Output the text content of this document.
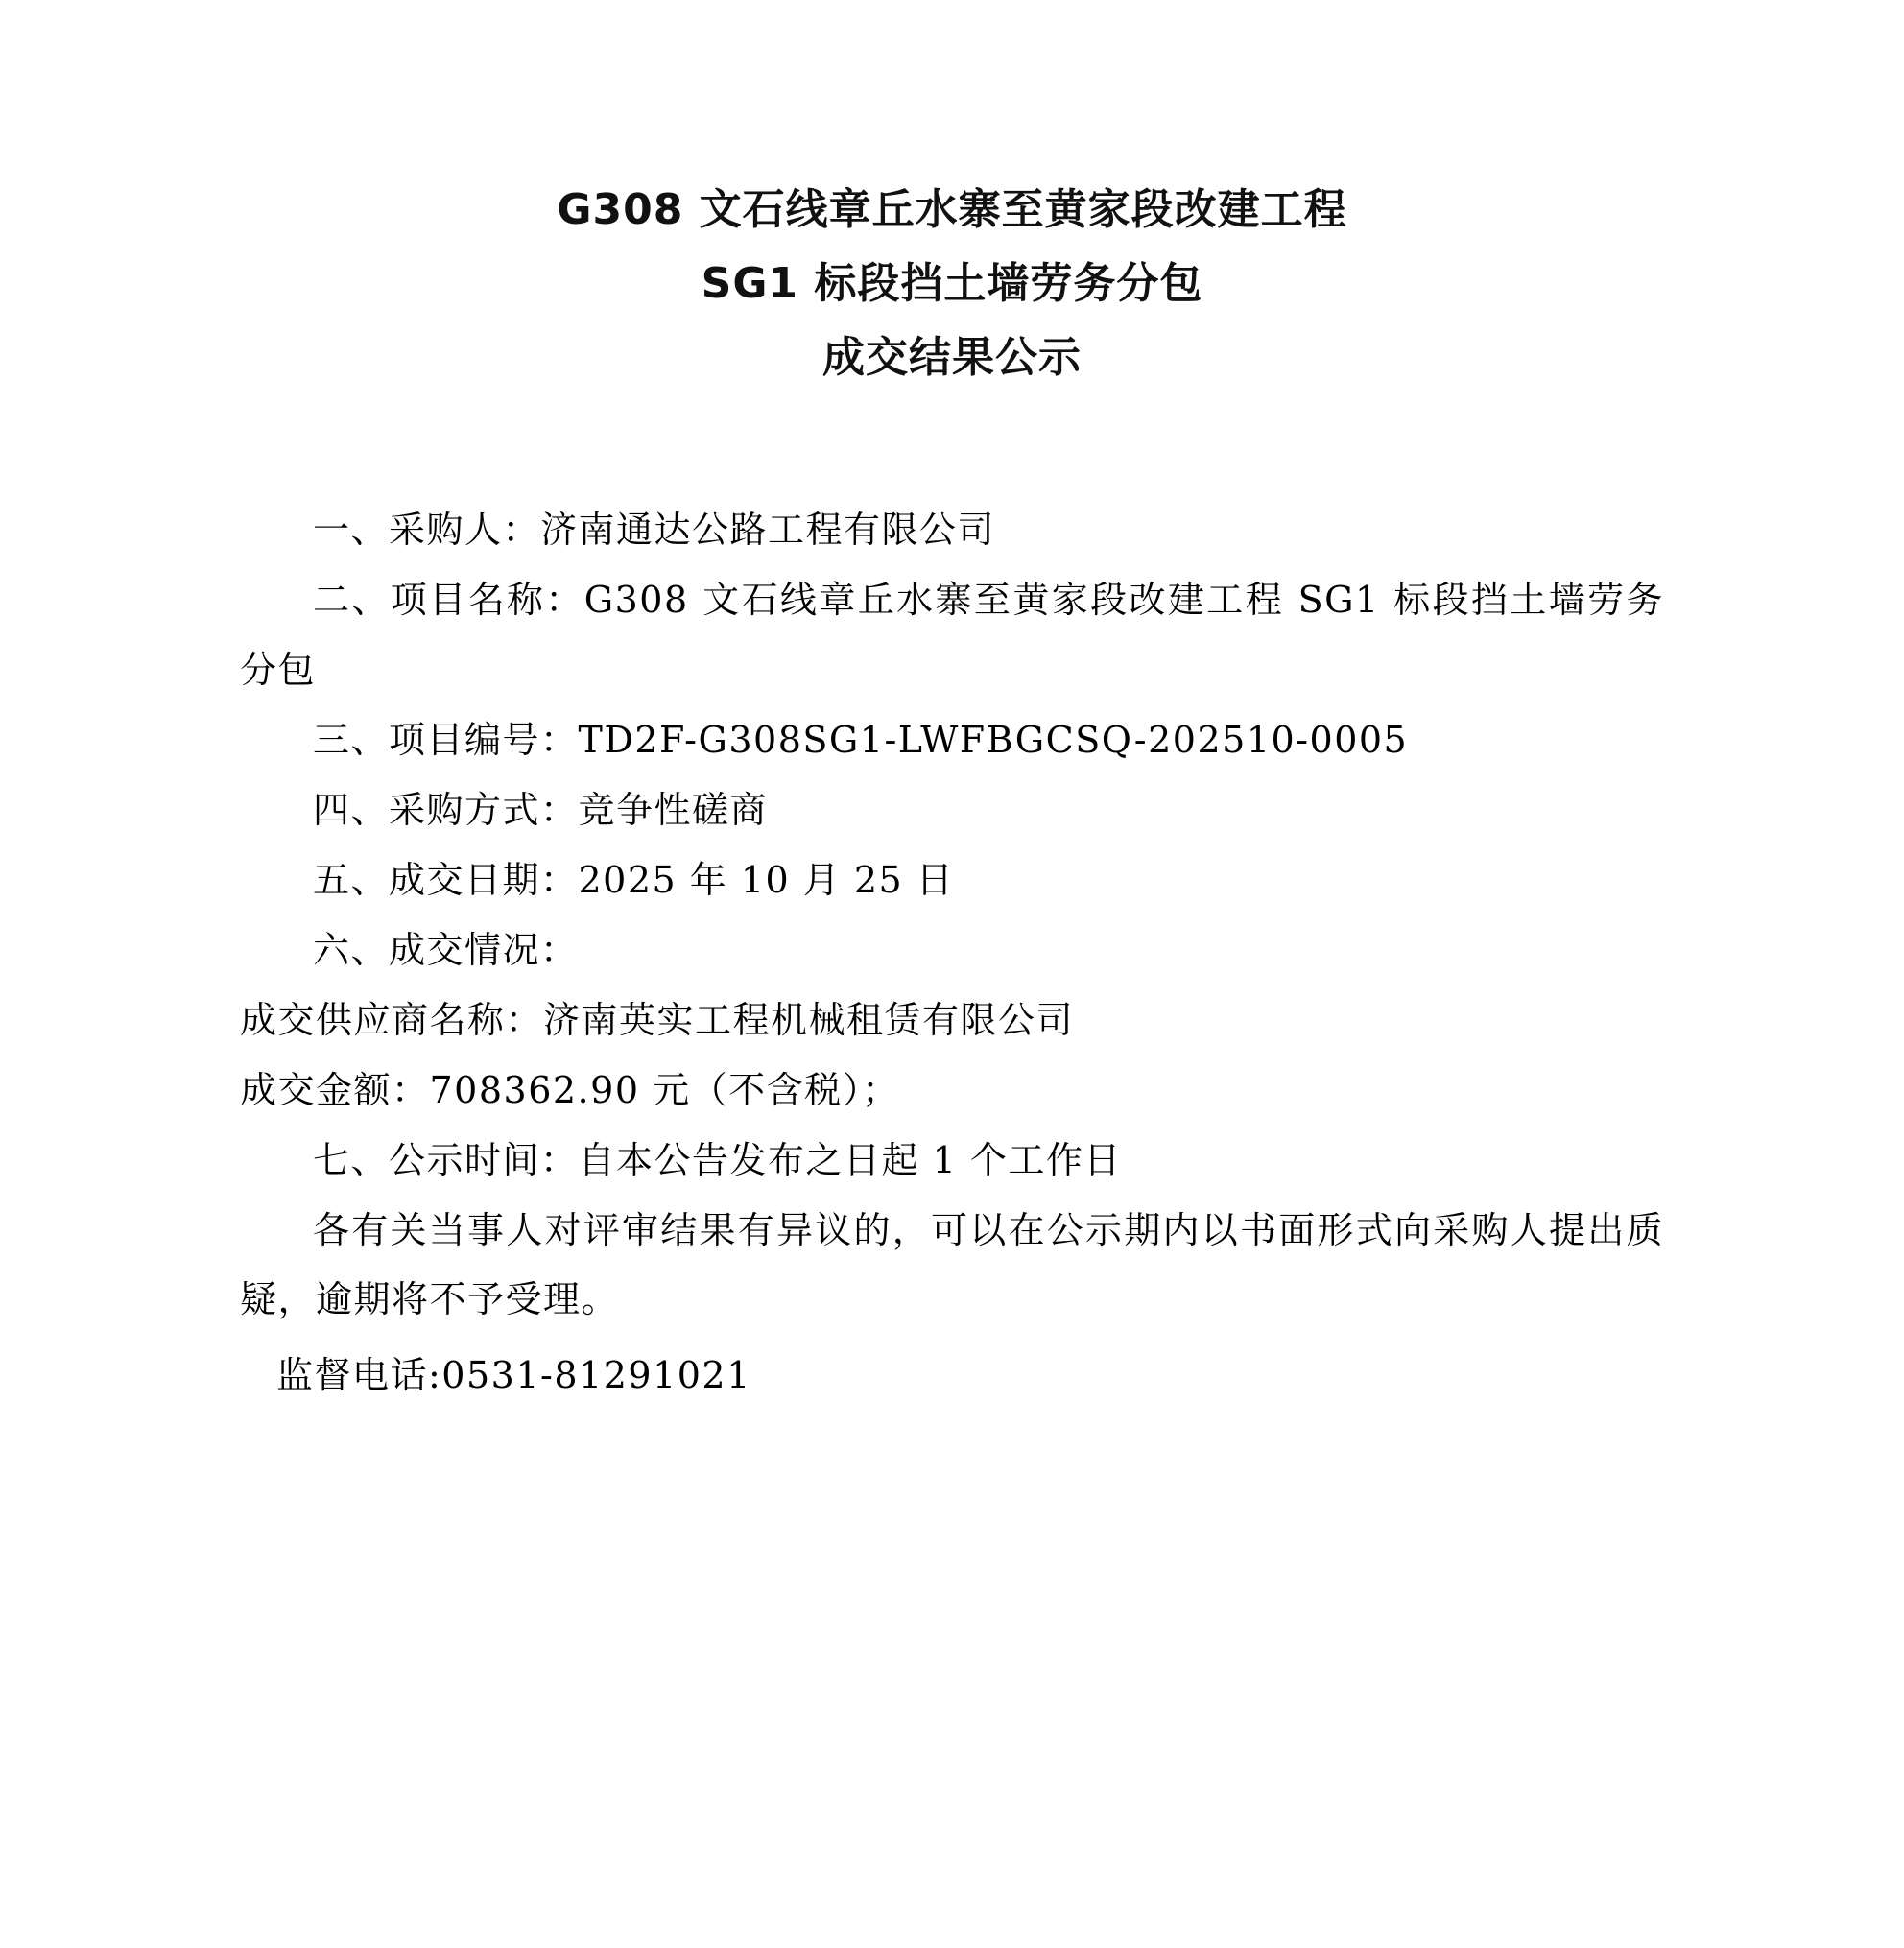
G308 文石线章丘水寨至黄家段改建工程
SG1 标段挡土墙劳务分包
成交结果公示

一、采购人：济南通达公路工程有限公司

二、项目名称：G308 文石线章丘水寨至黄家段改建工程 SG1 标段挡土墙劳务分包

三、项目编号：TD2F-G308SG1-LWFBGCSQ-202510-0005

四、采购方式：竞争性磋商

五、成交日期：2025 年 10 月 25 日

六、成交情况：

成交供应商名称：济南英实工程机械租赁有限公司

成交金额：708362.90 元（不含税）；

七、公示时间：自本公告发布之日起 1 个工作日

各有关当事人对评审结果有异议的，可以在公示期内以书面形式向采购人提出质疑，逾期将不予受理。

监督电话:0531-81291021
